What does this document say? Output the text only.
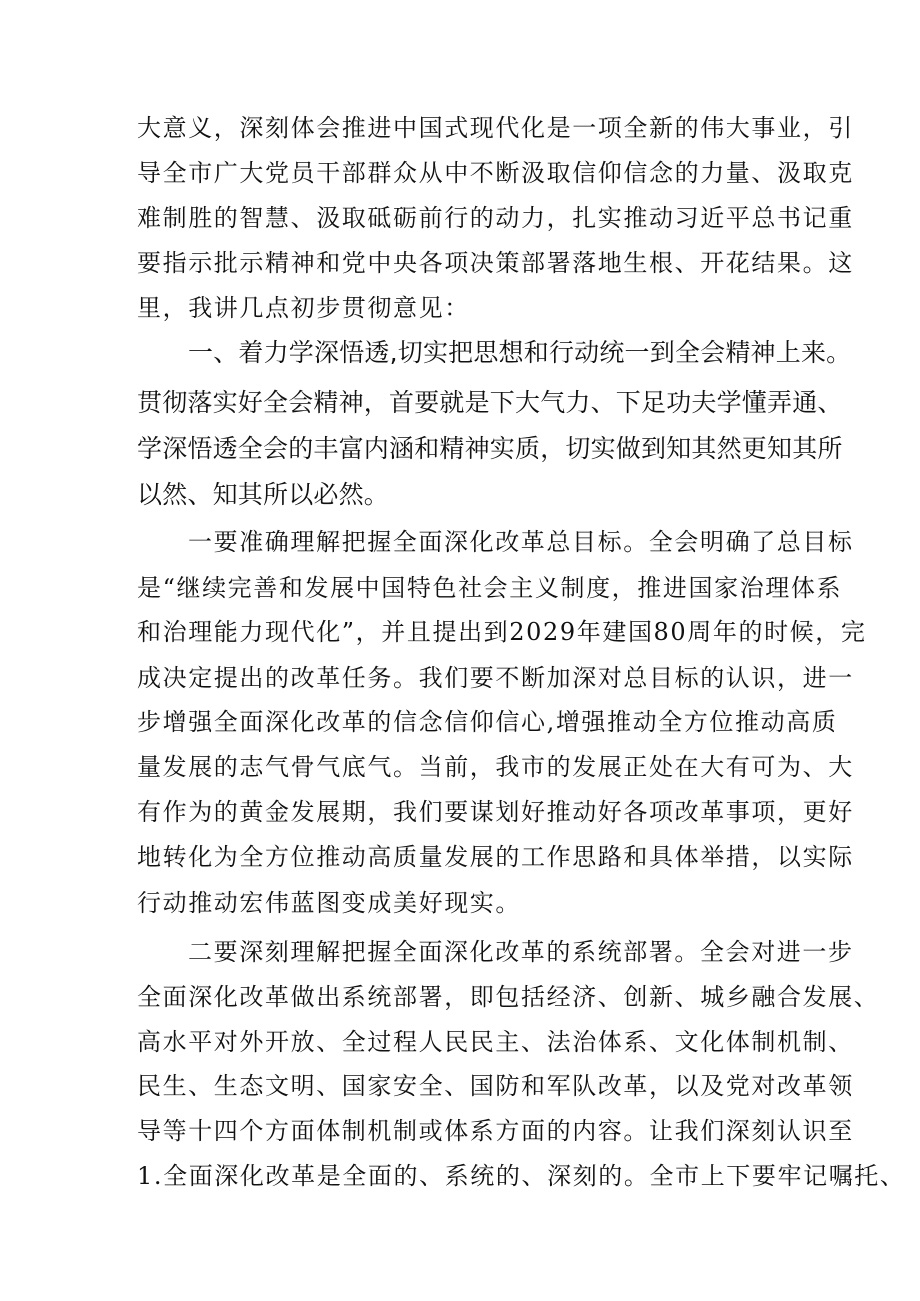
大意义，深刻体会推进中国式现代化是一项全新的伟大事业，引
导全市广大党员干部群众从中不断汲取信仰信念的力量、汲取克
难制胜的智慧、汲取砥砺前行的动力，扎实推动习近平总书记重
要指示批示精神和党中央各项决策部署落地生根、开花结果。这
里，我讲几点初步贯彻意见：
一、着力学深悟透,切实把思想和行动统一到全会精神上来。
贯彻落实好全会精神，首要就是下大气力、下足功夫学懂弄通、
学深悟透全会的丰富内涵和精神实质，切实做到知其然更知其所
以然、知其所以必然。
一要准确理解把握全面深化改革总目标。全会明确了总目标
是“继续完善和发展中国特色社会主义制度，推进国家治理体系
和治理能力现代化”，并且提出到2029年建国80周年的时候，完
成决定提出的改革任务。我们要不断加深对总目标的认识，进一
步增强全面深化改革的信念信仰信心,增强推动全方位推动高质
量发展的志气骨气底气。当前，我市的发展正处在大有可为、大
有作为的黄金发展期，我们要谋划好推动好各项改革事项，更好
地转化为全方位推动高质量发展的工作思路和具体举措，以实际
行动推动宏伟蓝图变成美好现实。
二要深刻理解把握全面深化改革的系统部署。全会对进一步
全面深化改革做出系统部署，即包括经济、创新、城乡融合发展、
高水平对外开放、全过程人民民主、法治体系、文化体制机制、
民生、生态文明、国家安全、国防和军队改革，以及党对改革领
导等十四个方面体制机制或体系方面的内容。让我们深刻认识至
1.全面深化改革是全面的、系统的、深刻的。全市上下要牢记嘱托、
